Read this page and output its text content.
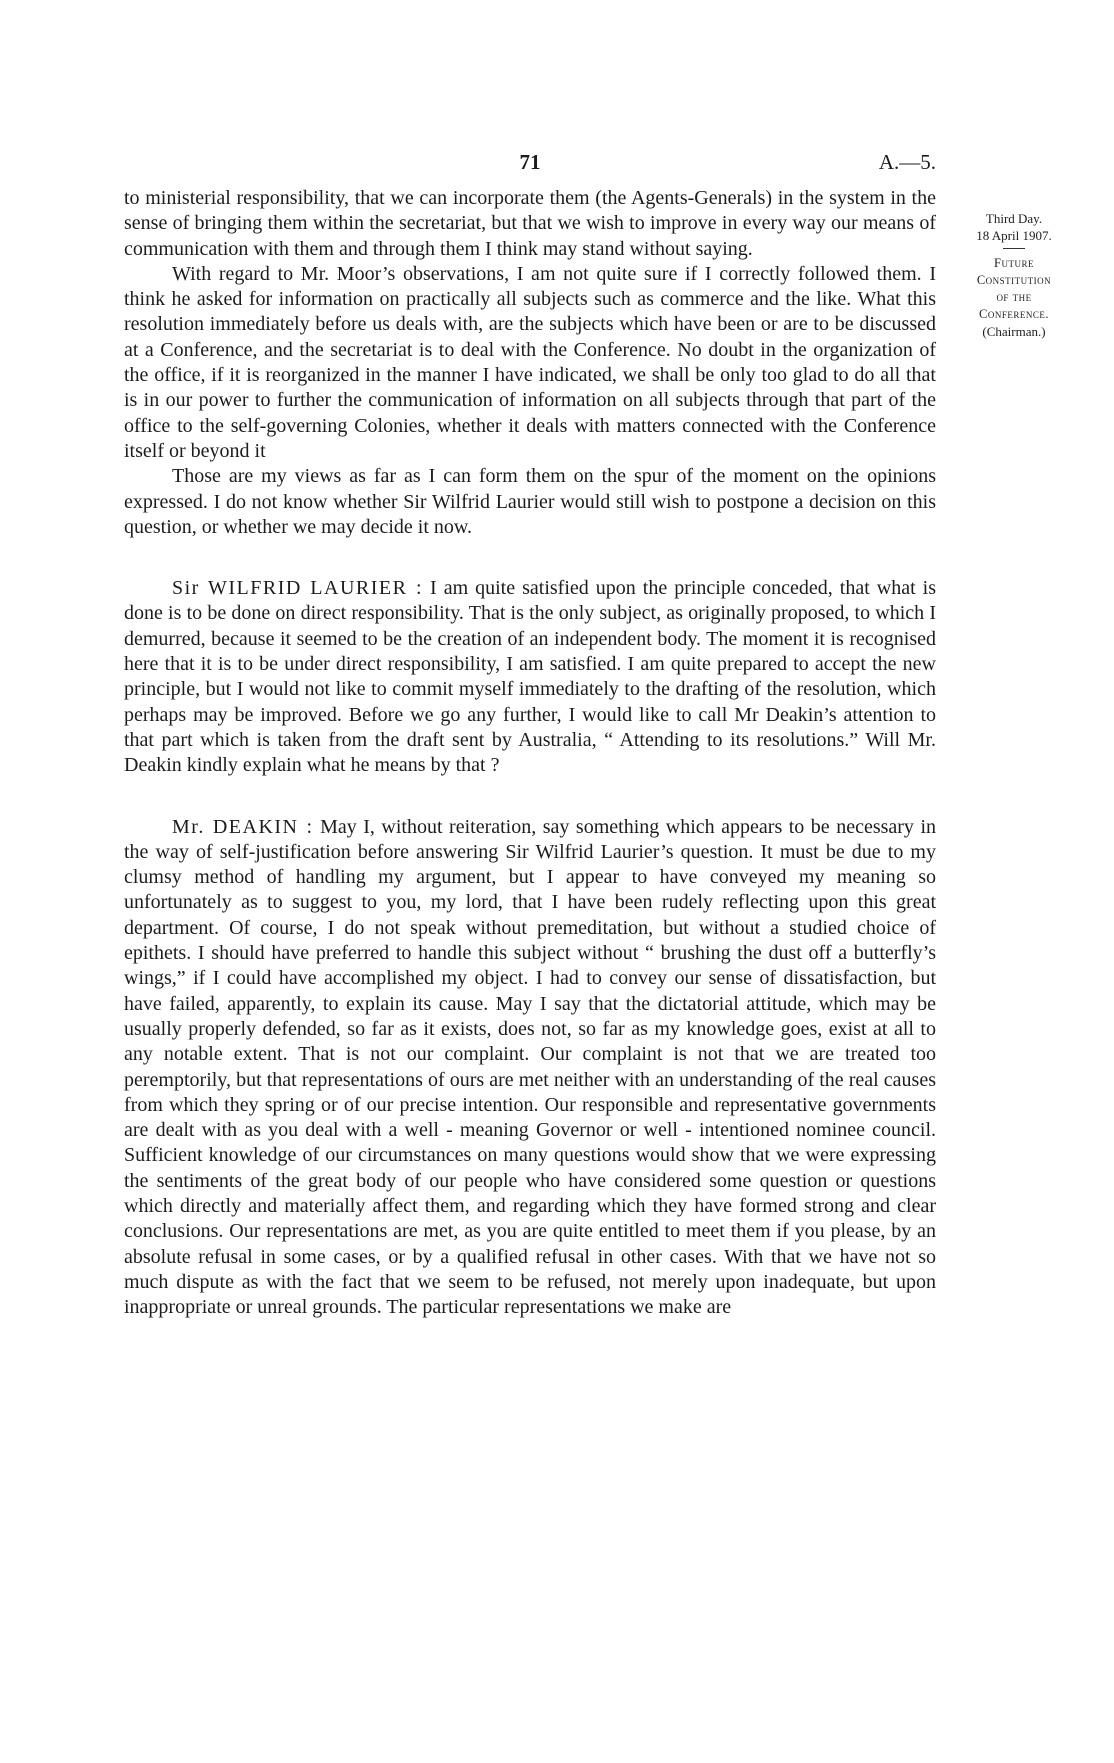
71	A.—5.
Third Day.
18 April 1907.
Future
Constitution
of the
Conference.
(Chairman.)

to ministerial responsibility, that we can incorporate them (the Agents-Generals) in the system in the sense of bringing them within the secretariat, but that we wish to improve in every way our means of communication with them and through them I think may stand without saying.

With regard to Mr. Moor’s observations, I am not quite sure if I correctly followed them. I think he asked for information on practically all subjects such as commerce and the like. What this resolution immediately before us deals with, are the subjects which have been or are to be discussed at a Conference, and the secretariat is to deal with the Conference. No doubt in the organization of the office, if it is reorganized in the manner I have indicated, we shall be only too glad to do all that is in our power to further the communication of information on all subjects through that part of the office to the self-governing Colonies, whether it deals with matters connected with the Conference itself or beyond it

Those are my views as far as I can form them on the spur of the moment on the opinions expressed. I do not know whether Sir Wilfrid Laurier would still wish to postpone a decision on this question, or whether we may decide it now.

Sir WILFRID LAURIER : I am quite satisfied upon the principle conceded, that what is done is to be done on direct responsibility. That is the only subject, as originally proposed, to which I demurred, because it seemed to be the creation of an independent body. The moment it is recognised here that it is to be under direct responsibility, I am satisfied. I am quite prepared to accept the new principle, but I would not like to commit myself immediately to the drafting of the resolution, which perhaps may be improved. Before we go any further, I would like to call Mr Deakin’s attention to that part which is taken from the draft sent by Australia, “ Attending to its resolutions.” Will Mr. Deakin kindly explain what he means by that ?

Mr. DEAKIN : May I, without reiteration, say something which appears to be necessary in the way of self-justification before answering Sir Wilfrid Laurier’s question. It must be due to my clumsy method of handling my argument, but I appear to have conveyed my meaning so unfortunately as to suggest to you, my lord, that I have been rudely reflecting upon this great department. Of course, I do not speak without premeditation, but without a studied choice of epithets. I should have preferred to handle this subject without “ brushing the dust off a butterfly’s wings,” if I could have accomplished my object. I had to convey our sense of dissatisfaction, but have failed, apparently, to explain its cause. May I say that the dictatorial attitude, which may be usually properly defended, so far as it exists, does not, so far as my knowledge goes, exist at all to any notable extent. That is not our complaint. Our complaint is not that we are treated too peremptorily, but that representations of ours are met neither with an understanding of the real causes from which they spring or of our precise intention. Our responsible and representative governments are dealt with as you deal with a well - meaning Governor or well - intentioned nominee council. Sufficient knowledge of our circumstances on many questions would show that we were expressing the sentiments of the great body of our people who have considered some question or questions which directly and materially affect them, and regarding which they have formed strong and clear conclusions. Our representations are met, as you are quite entitled to meet them if you please, by an absolute refusal in some cases, or by a qualified refusal in other cases. With that we have not so much dispute as with the fact that we seem to be refused, not merely upon inadequate, but upon inappropriate or unreal grounds. The particular representations we make are
